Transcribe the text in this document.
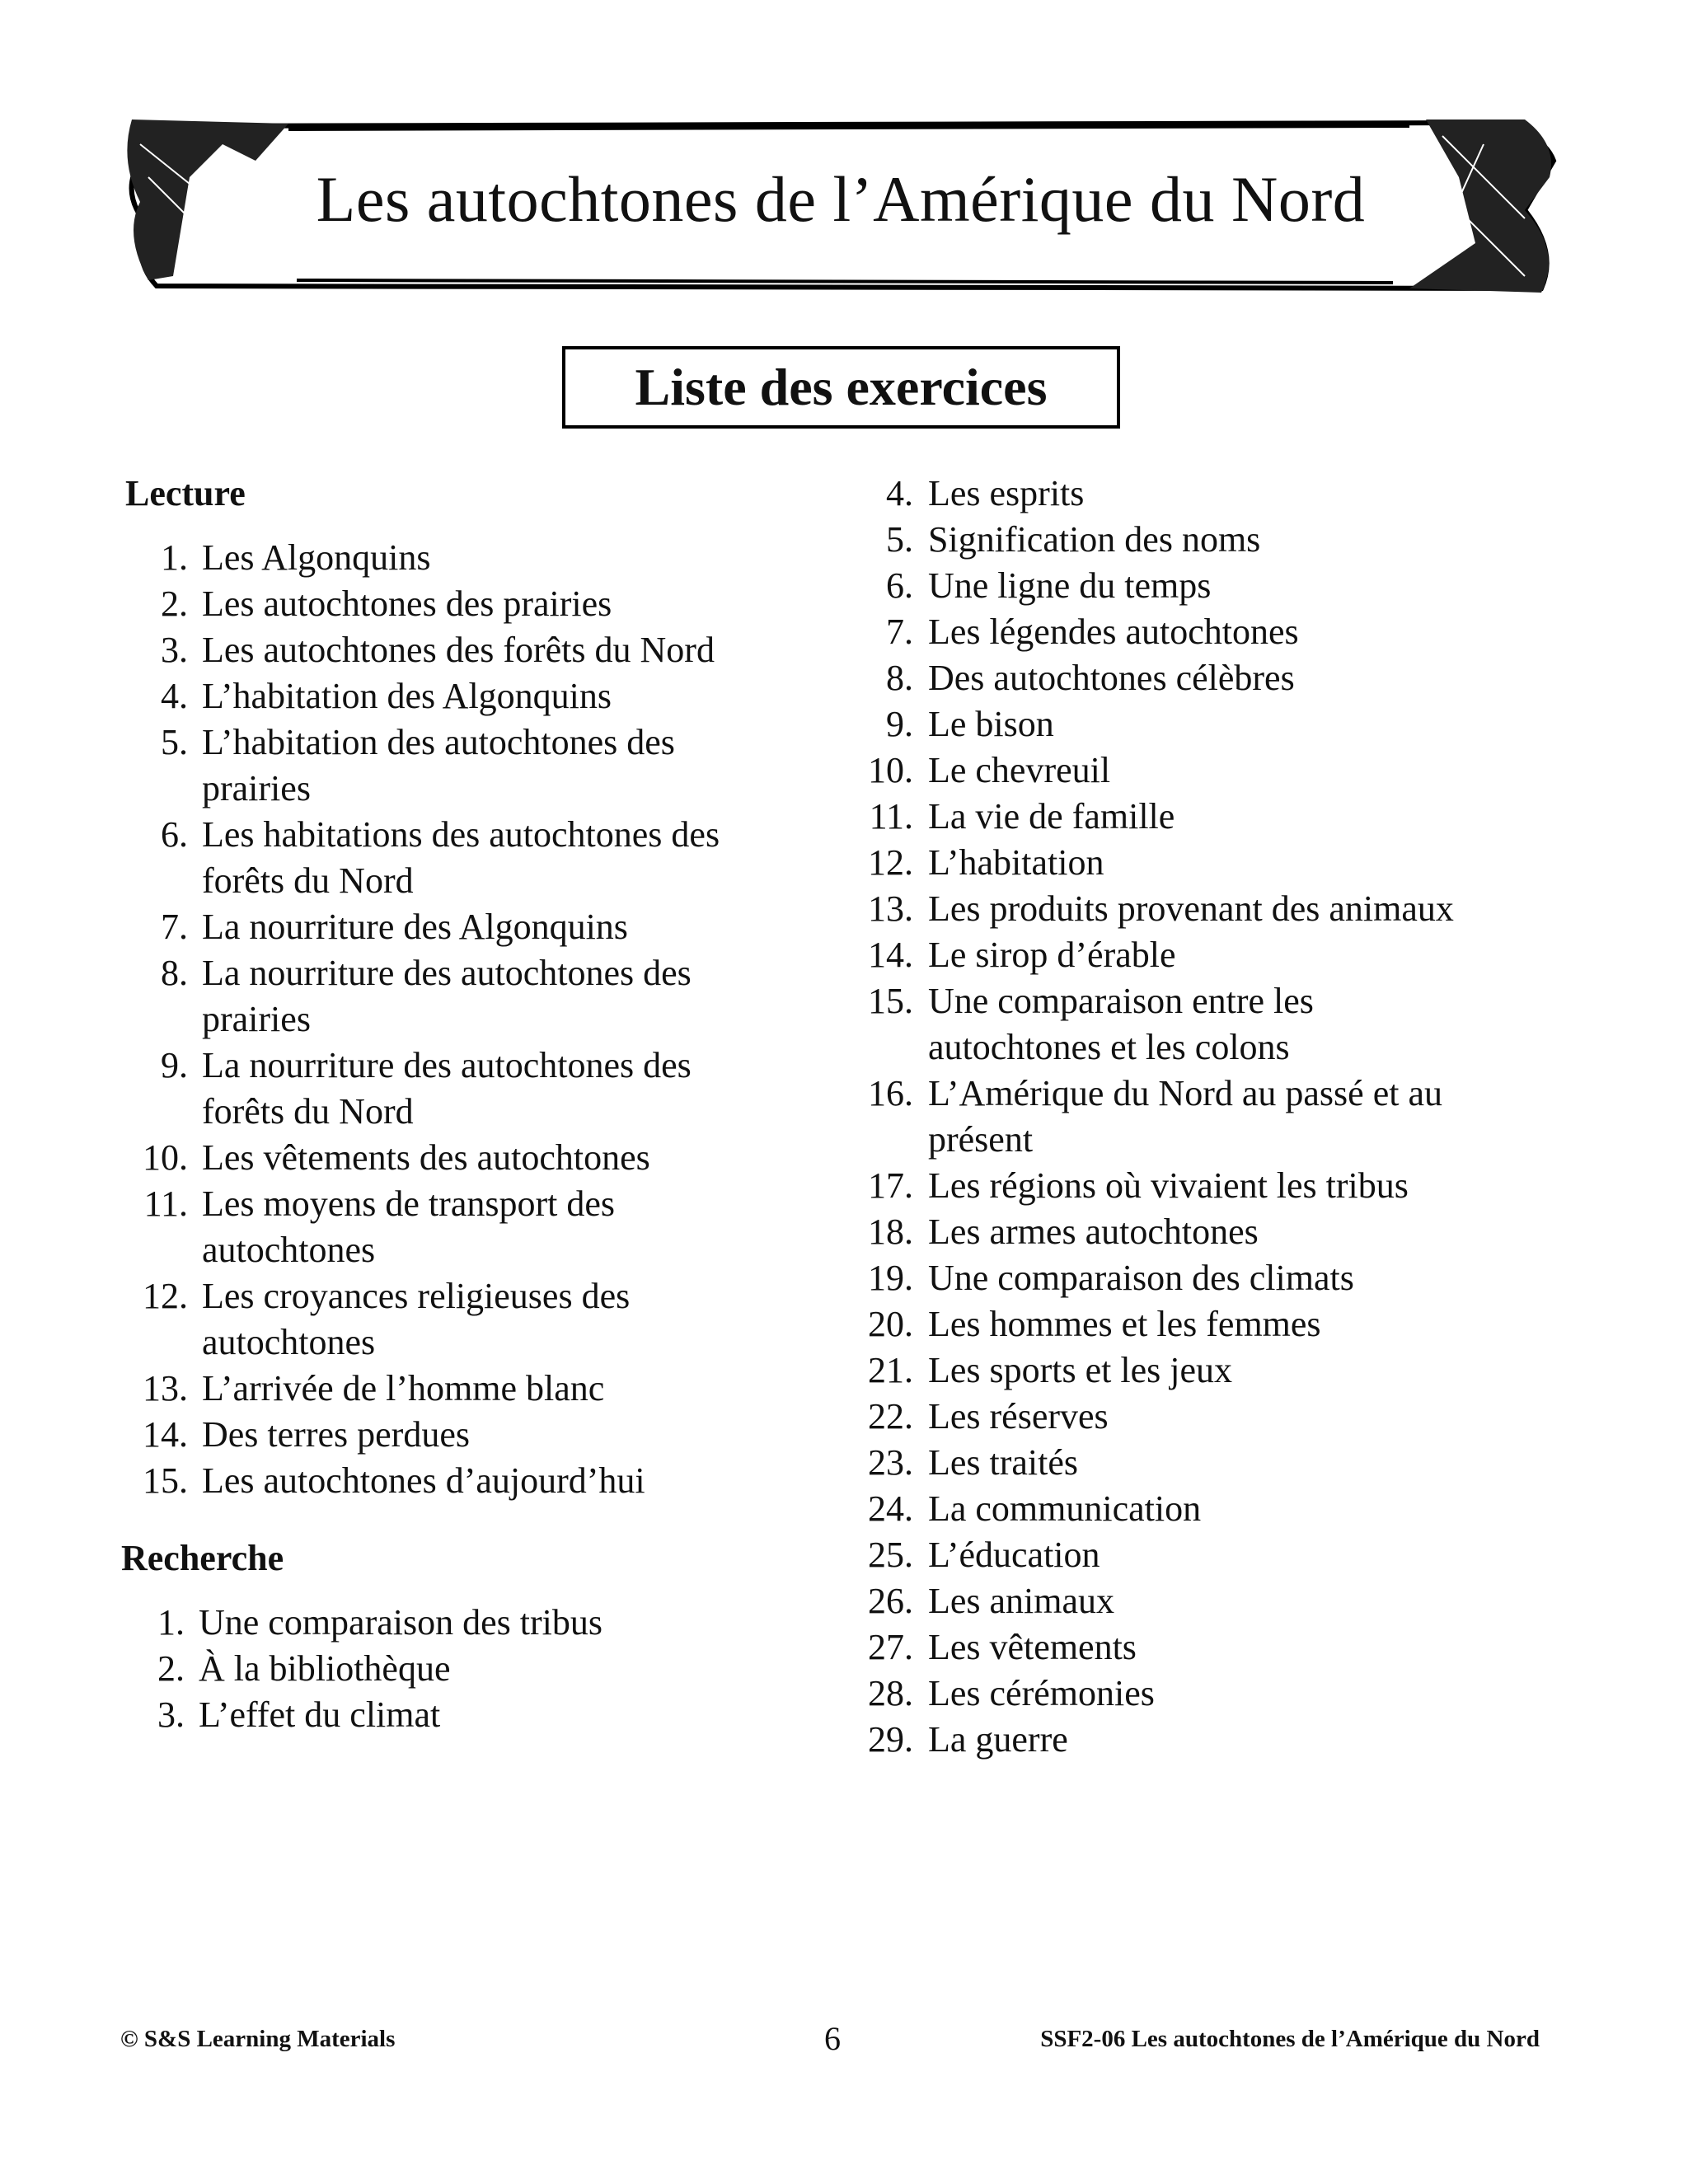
Les autochtones de l’Amérique du Nord
Liste des exercices
Lecture
1. Les Algonquins
2. Les autochtones des prairies
3. Les autochtones des forêts du Nord
4. L’habitation des Algonquins
5. L’habitation des autochtones des
prairies
6. Les habitations des autochtones des
forêts du Nord
7. La nourriture des Algonquins
8. La nourriture des autochtones des
prairies
9. La nourriture des autochtones des
forêts du Nord
10. Les vêtements des autochtones
11. Les moyens de transport des
autochtones
12. Les croyances religieuses des
autochtones
13. L’arrivée de l’homme blanc
14. Des terres perdues
15. Les autochtones d’aujourd’hui
Recherche
1. Une comparaison des tribus
2. À la bibliothèque
3. L’effet du climat
4. Les esprits
5. Signification des noms
6. Une ligne du temps
7. Les légendes autochtones
8. Des autochtones célèbres
9. Le bison
10. Le chevreuil
11. La vie de famille
12. L’habitation
13. Les produits provenant des animaux
14. Le sirop d’érable
15. Une comparaison entre les
autochtones et les colons
16. L’Amérique du Nord au passé et au
présent
17. Les régions où vivaient les tribus
18. Les armes autochtones
19. Une comparaison des climats
20. Les hommes et les femmes
21. Les sports et les jeux
22. Les réserves
23. Les traités
24. La communication
25. L’éducation
26. Les animaux
27. Les vêtements
28. Les cérémonies
29. La guerre
© S&S Learning Materials	6	SSF2-06 Les autochtones de l’Amérique du Nord
